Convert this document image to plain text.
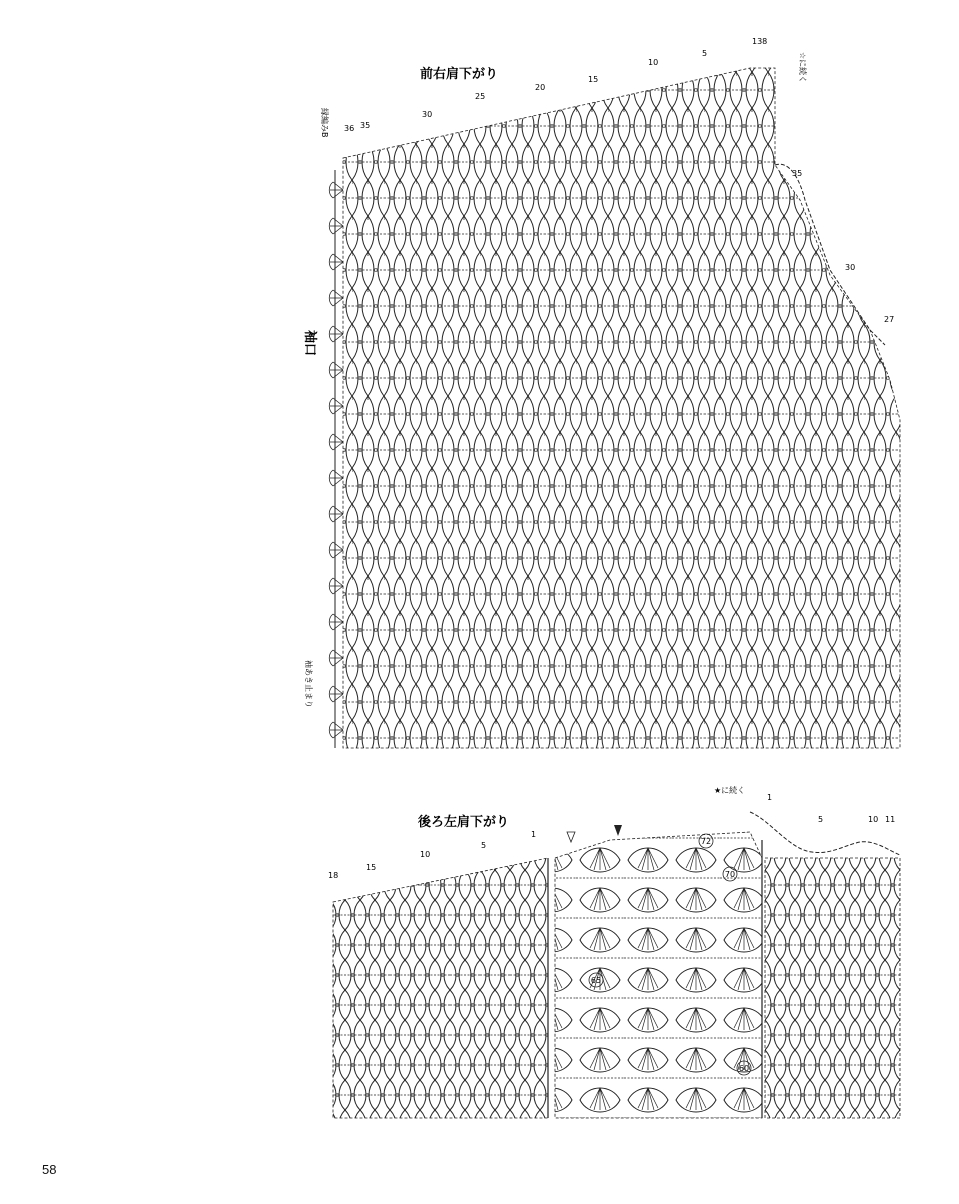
72
70
65
60
前右肩下がり	☆に続く
縁編みB
袖口
袖あき止まり
36 35
30
25
20
15
10
5
138
35
30
27
後ろ左肩下がり
★に続く
18
15
10
5
1
1
5	10 11
58
